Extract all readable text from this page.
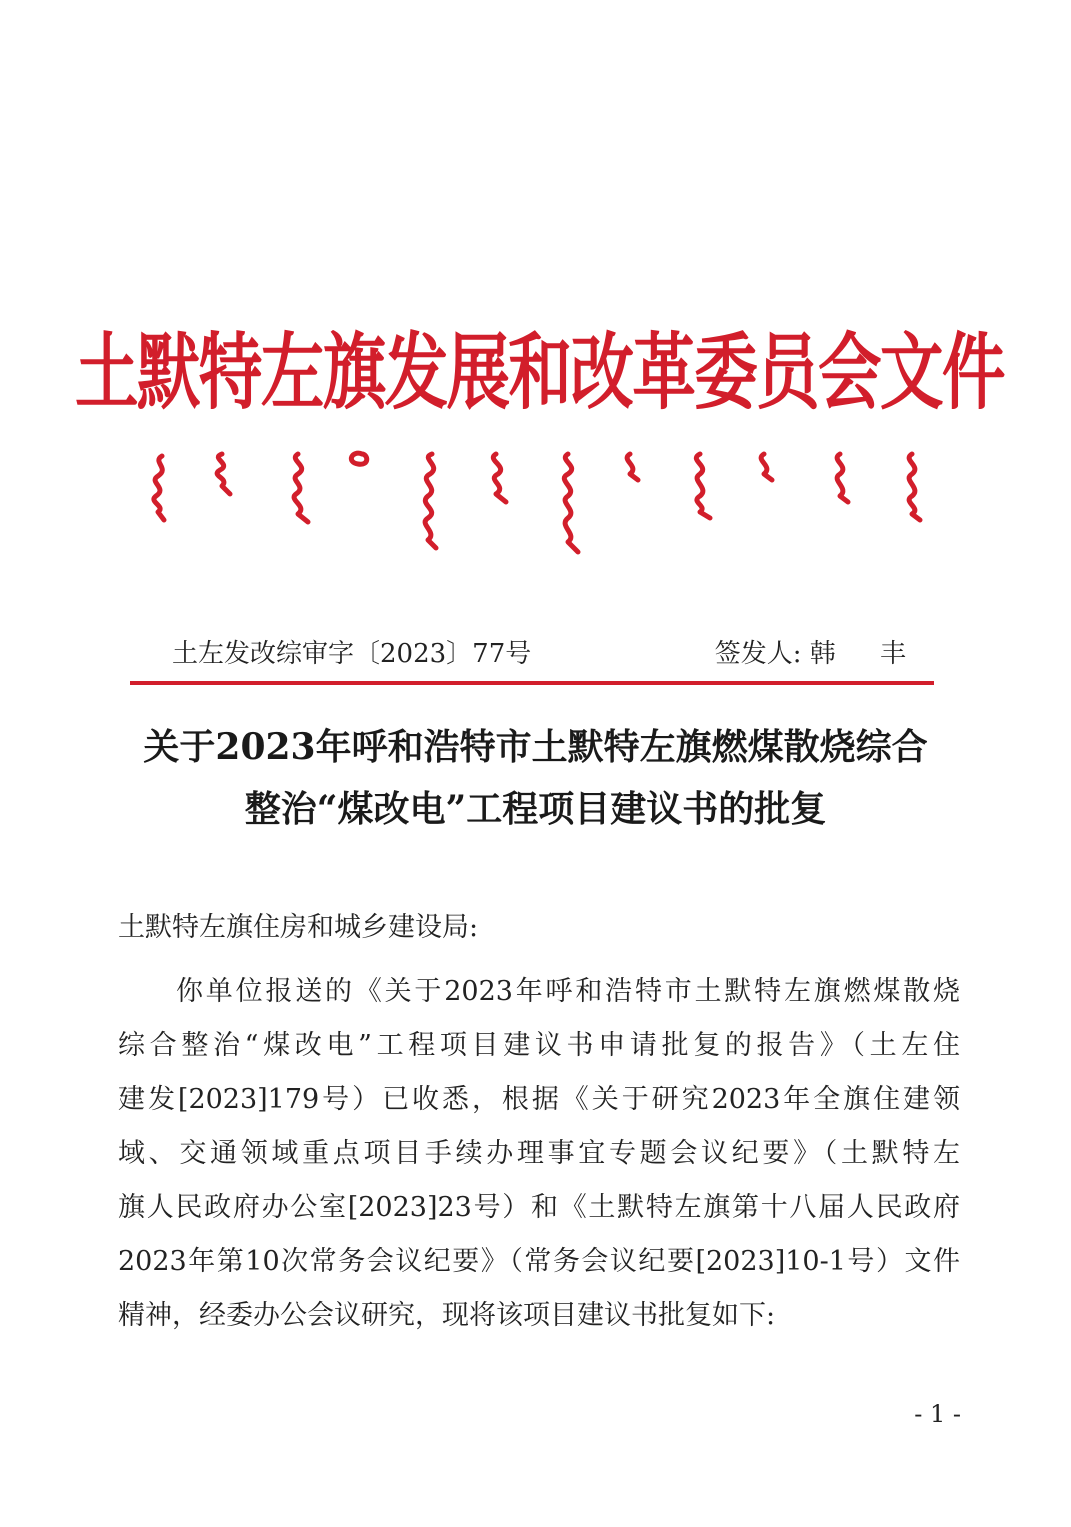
土默特左旗发展和改革委员会文件
土左发改综审字〔2023〕77号	签发人: 韩 丰
关于2023年呼和浩特市土默特左旗燃煤散烧综合
整治“煤改电”工程项目建议书的批复
土默特左旗住房和城乡建设局:
你单位报送的《关于2023年呼和浩特市土默特左旗燃煤散烧
综合整治“煤改电”工程项目建议书申请批复的报告》（土左住
建发[2023]179号）已收悉，根据《关于研究2023年全旗住建领
域、交通领域重点项目手续办理事宜专题会议纪要》（土默特左
旗人民政府办公室[2023]23号）和《土默特左旗第十八届人民政府
2023年第10次常务会议纪要》（常务会议纪要[2023]10-1号）文件
精神，经委办公会议研究，现将该项目建议书批复如下:
- 1 -
